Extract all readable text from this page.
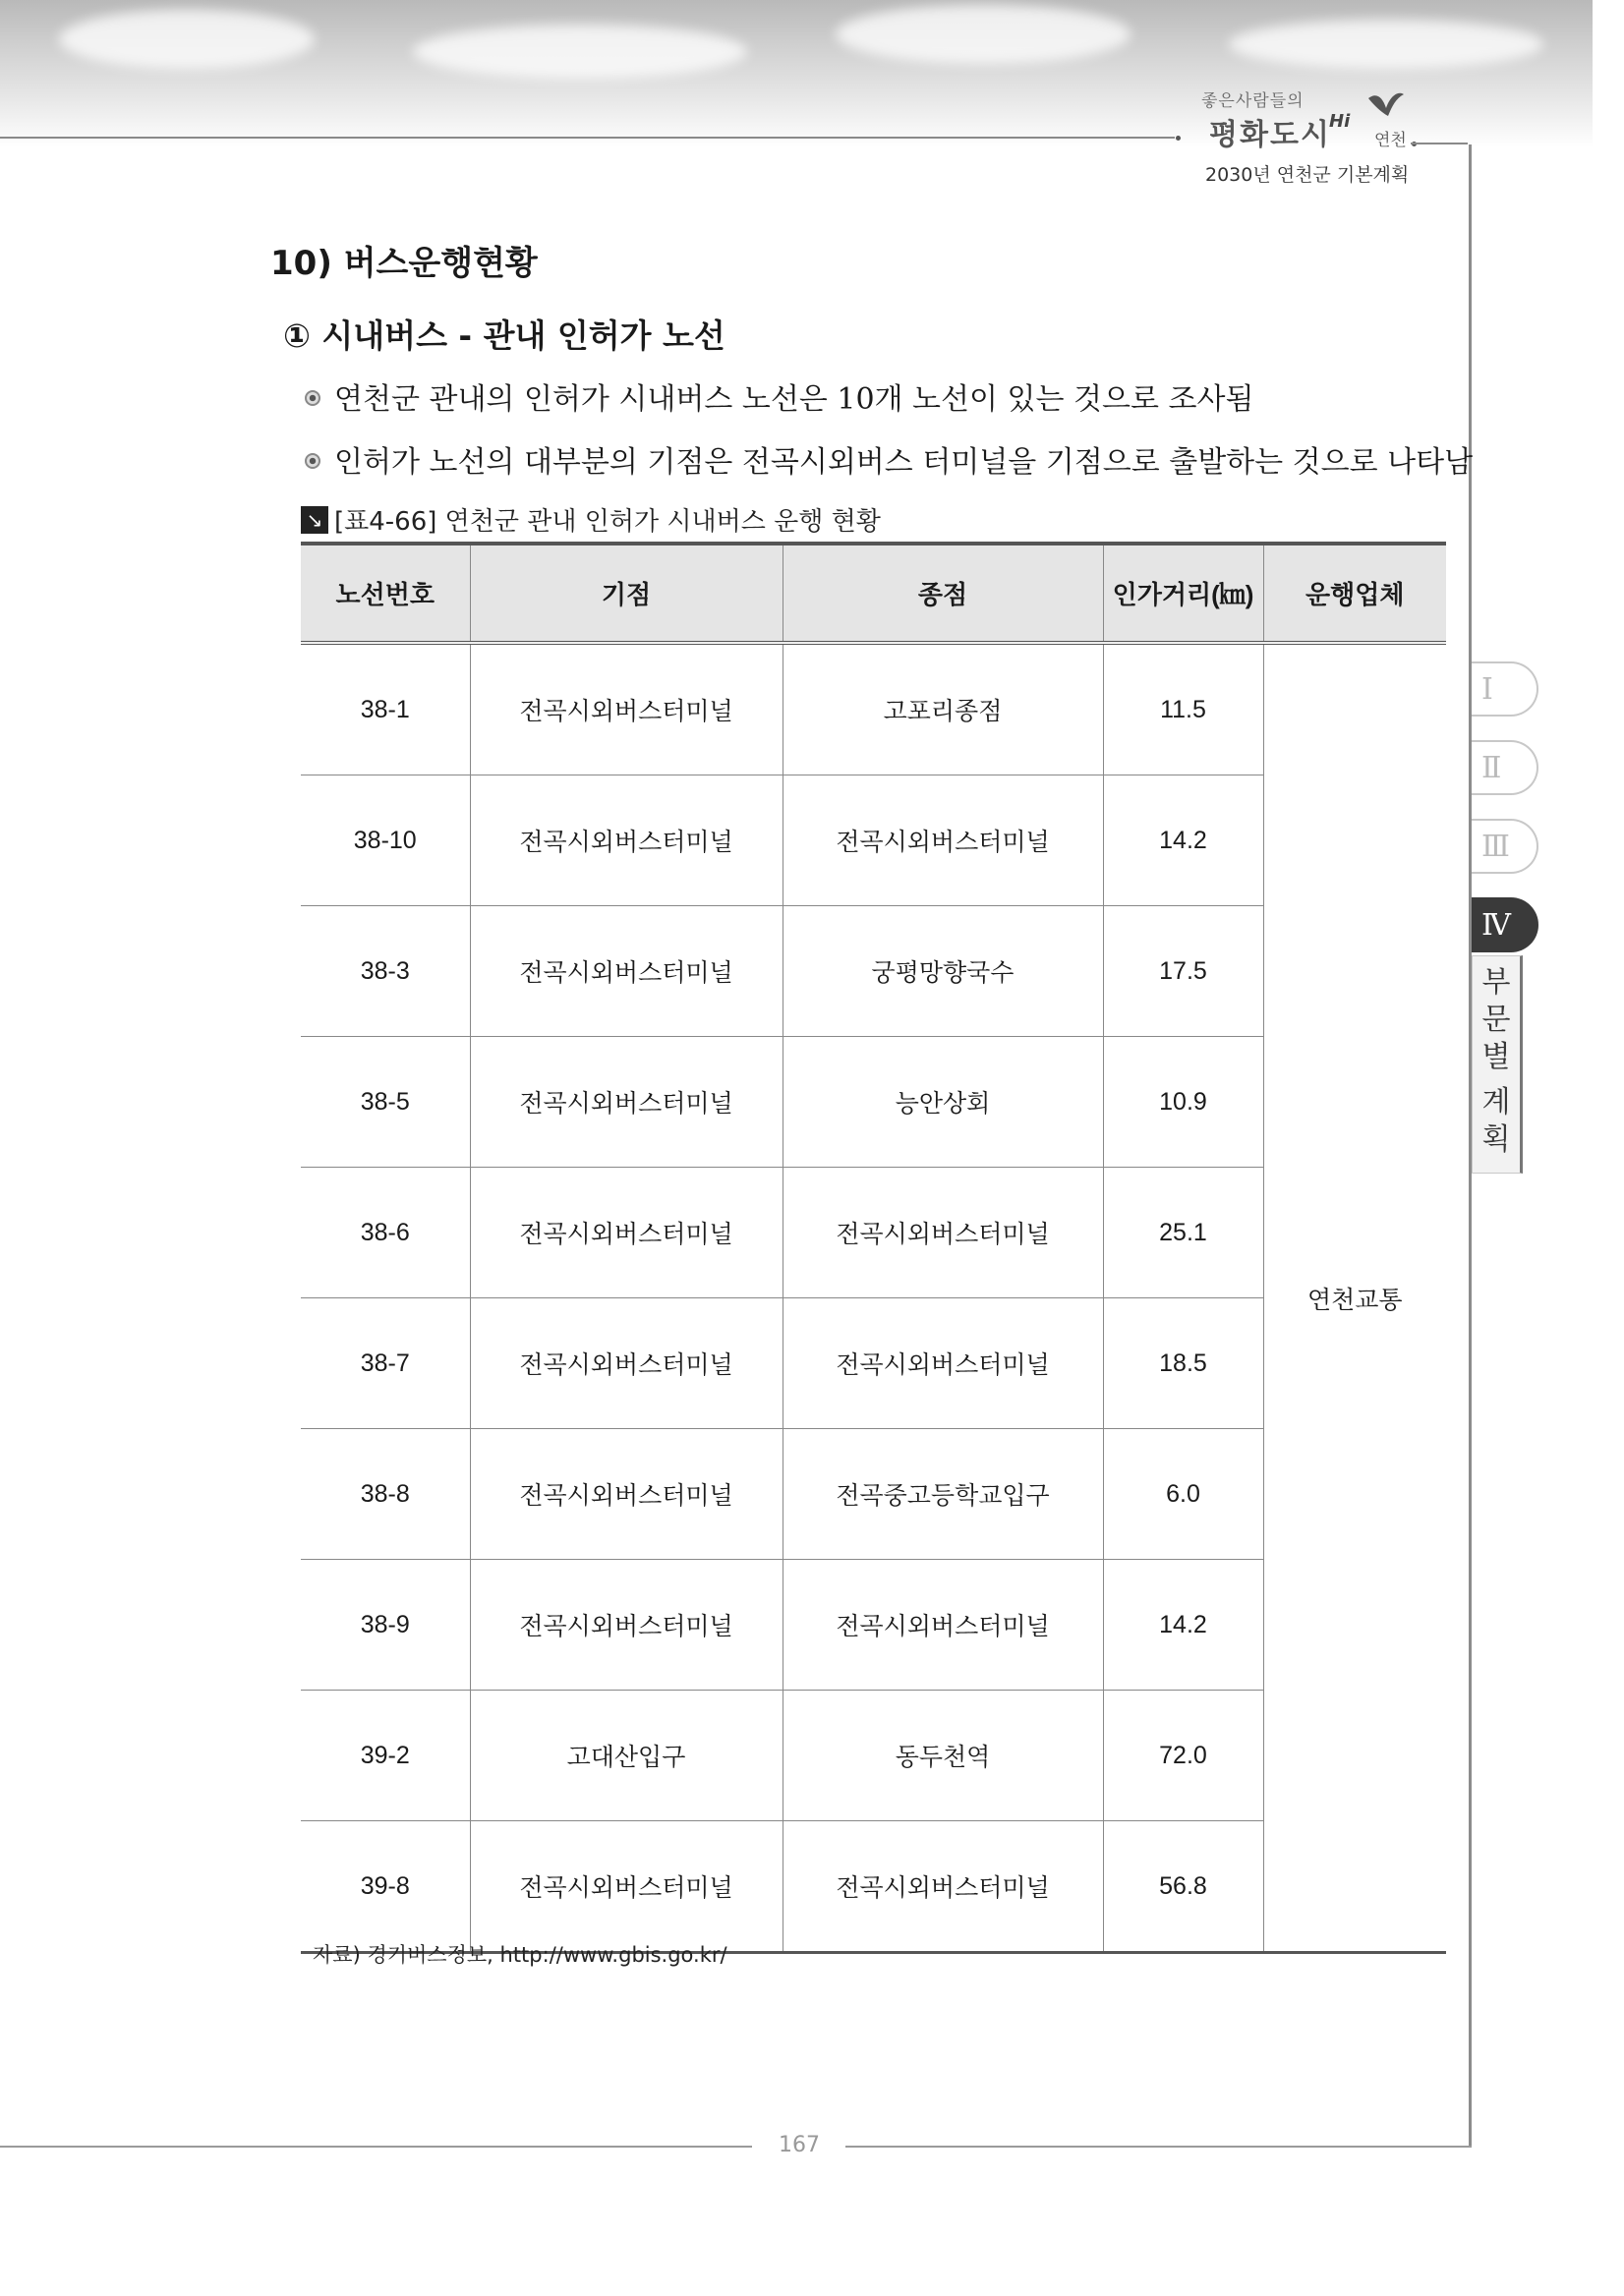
좋은사람들의
평화도시
Hi
연천
2030년 연천군 기본계획
Ⅰ
Ⅱ
Ⅲ
Ⅳ
부
문
별
계
획
10) 버스운행현황
① 시내버스 - 관내 인허가 노선
연천군 관내의 인허가 시내버스 노선은 10개 노선이 있는 것으로 조사됨
인허가 노선의 대부분의 기점은 전곡시외버스 터미널을 기점으로 출발하는 것으로 나타남
↘ [표4-66] 연천군 관내 인허가 시내버스 운행 현황
노선번호	기점	종점	인가거리(㎞)	운행업체
38-1	전곡시외버스터미널	고포리종점	11.5	연천교통
38-10	전곡시외버스터미널	전곡시외버스터미널	14.2	
38-3	전곡시외버스터미널	궁평망향국수	17.5	
38-5	전곡시외버스터미널	능안상회	10.9	
38-6	전곡시외버스터미널	전곡시외버스터미널	25.1	
38-7	전곡시외버스터미널	전곡시외버스터미널	18.5	
38-8	전곡시외버스터미널	전곡중고등학교입구	6.0	
38-9	전곡시외버스터미널	전곡시외버스터미널	14.2	
39-2	고대산입구	동두천역	72.0	
39-8	전곡시외버스터미널	전곡시외버스터미널	56.8	
자료) 경기버스정보, http://www.gbis.go.kr/
167
